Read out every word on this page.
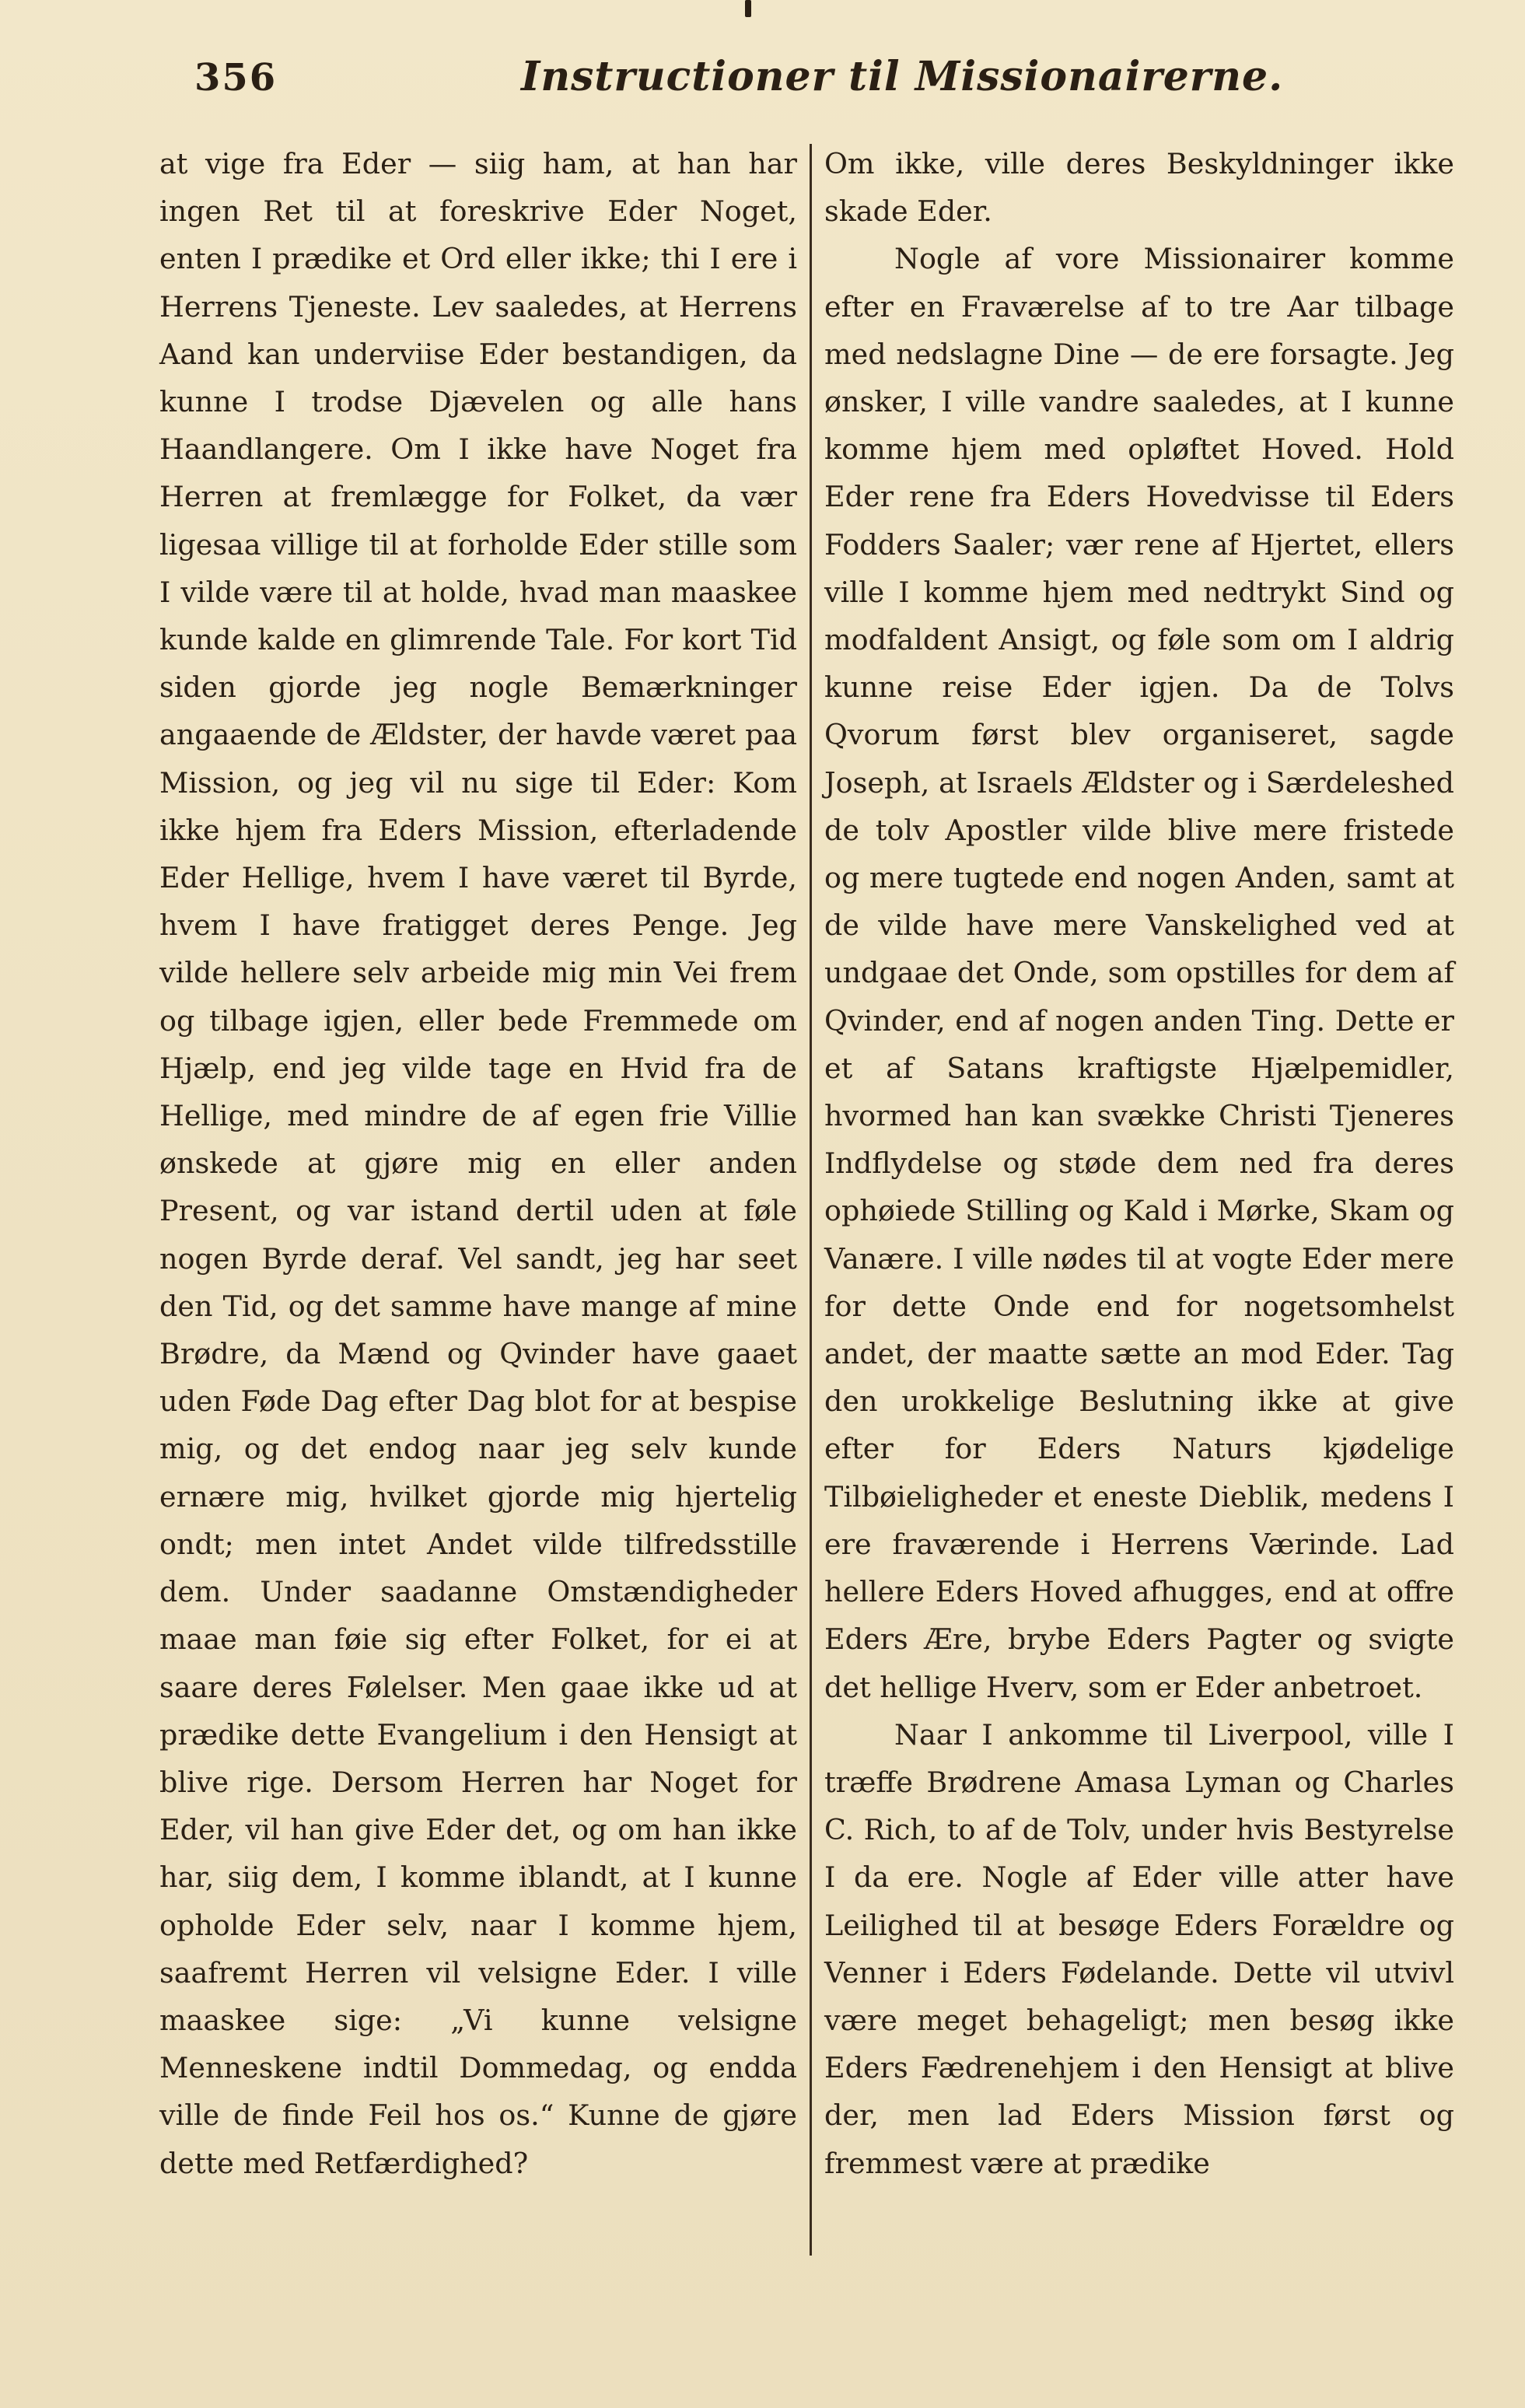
356	Instructioner til Missionairerne.

at vige fra Eder — siig ham, at han har ingen Ret til at foreskrive Eder Noget, enten I prædike et Ord eller ikke; thi I ere i Herrens Tjeneste. Lev saaledes, at Herrens Aand kan underviise Eder bestandigen, da kunne I trodse Djævelen og alle hans Haandlangere. Om I ikke have Noget fra Herren at fremlægge for Folket, da vær ligesaa villige til at forholde Eder stille som I vilde være til at holde, hvad man maaskee kunde kalde en glimrende Tale. For kort Tid siden gjorde jeg nogle Bemærkninger angaaende de Ældster, der havde været paa Mission, og jeg vil nu sige til Eder: Kom ikke hjem fra Eders Mission, efterladende Eder Hellige, hvem I have været til Byrde, hvem I have fratigget deres Penge. Jeg vilde hellere selv arbeide mig min Vei frem og tilbage igjen, eller bede Fremmede om Hjælp, end jeg vilde tage en Hvid fra de Hellige, med mindre de af egen frie Villie ønskede at gjøre mig en eller anden Present, og var istand dertil uden at føle nogen Byrde deraf. Vel sandt, jeg har seet den Tid, og det samme have mange af mine Brødre, da Mænd og Qvinder have gaaet uden Føde Dag efter Dag blot for at bespise mig, og det endog naar jeg selv kunde ernære mig, hvilket gjorde mig hjertelig ondt; men intet Andet vilde tilfredsstille dem. Under saadanne Omstændigheder maae man føie sig efter Folket, for ei at saare deres Følelser. Men gaae ikke ud at prædike dette Evangelium i den Hensigt at blive rige. Dersom Herren har Noget for Eder, vil han give Eder det, og om han ikke har, siig dem, I komme iblandt, at I kunne opholde Eder selv, naar I komme hjem, saafremt Herren vil velsigne Eder. I ville maaskee sige: „Vi kunne velsigne Menneskene indtil Dommedag, og endda ville de finde Feil hos os.“ Kunne de gjøre dette med Retfærdighed?

Om ikke, ville deres Beskyldninger ikke skade Eder.

Nogle af vore Missionairer komme efter en Fraværelse af to tre Aar tilbage med nedslagne Dine — de ere forsagte. Jeg ønsker, I ville vandre saaledes, at I kunne komme hjem med opløftet Hoved. Hold Eder rene fra Eders Hovedvisse til Eders Fodders Saaler; vær rene af Hjertet, ellers ville I komme hjem med nedtrykt Sind og modfaldent Ansigt, og føle som om I aldrig kunne reise Eder igjen. Da de Tolvs Qvorum først blev organiseret, sagde Joseph, at Israels Ældster og i Særdeleshed de tolv Apostler vilde blive mere fristede og mere tugtede end nogen Anden, samt at de vilde have mere Vanskelighed ved at undgaae det Onde, som opstilles for dem af Qvinder, end af nogen anden Ting. Dette er et af Satans kraftigste Hjælpemidler, hvormed han kan svække Christi Tjeneres Indflydelse og støde dem ned fra deres ophøiede Stilling og Kald i Mørke, Skam og Vanære. I ville nødes til at vogte Eder mere for dette Onde end for nogetsomhelst andet, der maatte sætte an mod Eder. Tag den urokkelige Beslutning ikke at give efter for Eders Naturs kjødelige Tilbøieligheder et eneste Dieblik, medens I ere fraværende i Herrens Værinde. Lad hellere Eders Hoved afhugges, end at offre Eders Ære, brybe Eders Pagter og svigte det hellige Hverv, som er Eder anbetroet.

Naar I ankomme til Liverpool, ville I træffe Brødrene Amasa Lyman og Charles C. Rich, to af de Tolv, under hvis Bestyrelse I da ere. Nogle af Eder ville atter have Leilighed til at besøge Eders Forældre og Venner i Eders Fødelande. Dette vil utvivl være meget behageligt; men besøg ikke Eders Fædrenehjem i den Hensigt at blive der, men lad Eders Mission først og fremmest være at prædike
